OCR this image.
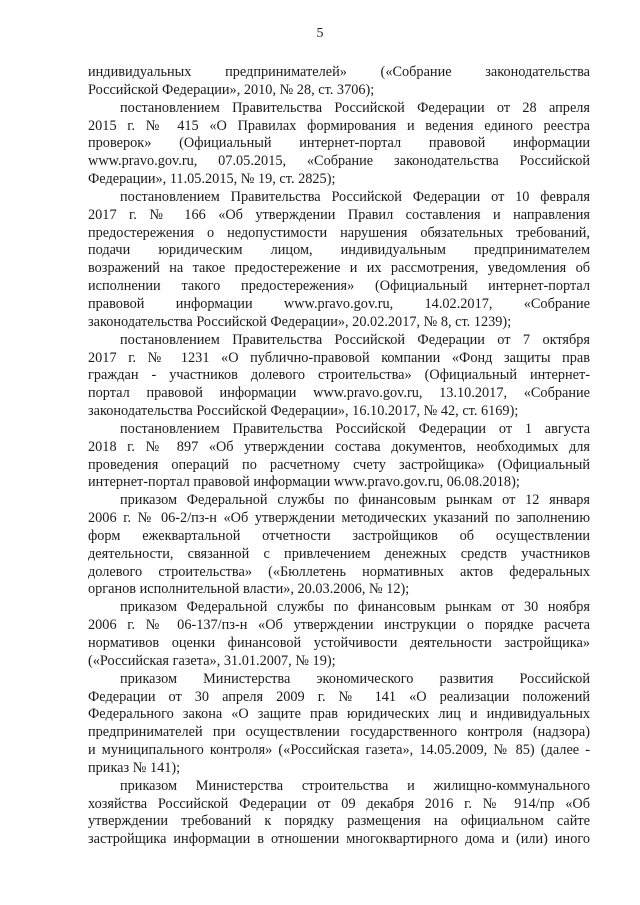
5

индивидуальных предпринимателей» («Собрание законодательства

Российской Федерации», 2010, № 28, ст. 3706);

постановлением Правительства Российской Федерации от 28 апреля

2015 г. № 415 «О Правилах формирования и ведения единого реестра

проверок» (Официальный интернет-портал правовой информации

www.pravo.gov.ru, 07.05.2015, «Собрание законодательства Российской

Федерации», 11.05.2015, № 19, ст. 2825);

постановлением Правительства Российской Федерации от 10 февраля

2017 г. № 166 «Об утверждении Правил составления и направления

предостережения о недопустимости нарушения обязательных требований,

подачи юридическим лицом, индивидуальным предпринимателем

возражений на такое предостережение и их рассмотрения, уведомления об

исполнении такого предостережения» (Официальный интернет-портал

правовой информации www.pravo.gov.ru, 14.02.2017, «Собрание

законодательства Российской Федерации», 20.02.2017, № 8, ст. 1239);

постановлением Правительства Российской Федерации от 7 октября

2017 г. № 1231 «О публично-правовой компании «Фонд защиты прав

граждан - участников долевого строительства» (Официальный интернет-

портал правовой информации www.pravo.gov.ru, 13.10.2017, «Собрание

законодательства Российской Федерации», 16.10.2017, № 42, ст. 6169);

постановлением Правительства Российской Федерации от 1 августа

2018 г. № 897 «Об утверждении состава документов, необходимых для

проведения операций по расчетному счету застройщика» (Официальный

интернет-портал правовой информации www.pravo.gov.ru, 06.08.2018);

приказом Федеральной службы по финансовым рынкам от 12 января

2006 г. № 06-2/пз-н «Об утверждении методических указаний по заполнению

форм ежеквартальной отчетности застройщиков об осуществлении

деятельности, связанной с привлечением денежных средств участников

долевого строительства» («Бюллетень нормативных актов федеральных

органов исполнительной власти», 20.03.2006, № 12);

приказом Федеральной службы по финансовым рынкам от 30 ноября

2006 г. № 06-137/пз-н «Об утверждении инструкции о порядке расчета

нормативов оценки финансовой устойчивости деятельности застройщика»

(«Российская газета», 31.01.2007, № 19);

приказом Министерства экономического развития Российской

Федерации от 30 апреля 2009 г. № 141 «О реализации положений

Федерального закона «О защите прав юридических лиц и индивидуальных

предпринимателей при осуществлении государственного контроля (надзора)

и муниципального контроля» («Российская газета», 14.05.2009, № 85) (далее -

приказ № 141);

приказом Министерства строительства и жилищно-коммунального

хозяйства Российской Федерации от 09 декабря 2016 г. № 914/пр «Об

утверждении требований к порядку размещения на официальном сайте

застройщика информации в отношении многоквартирного дома и (или) иного
